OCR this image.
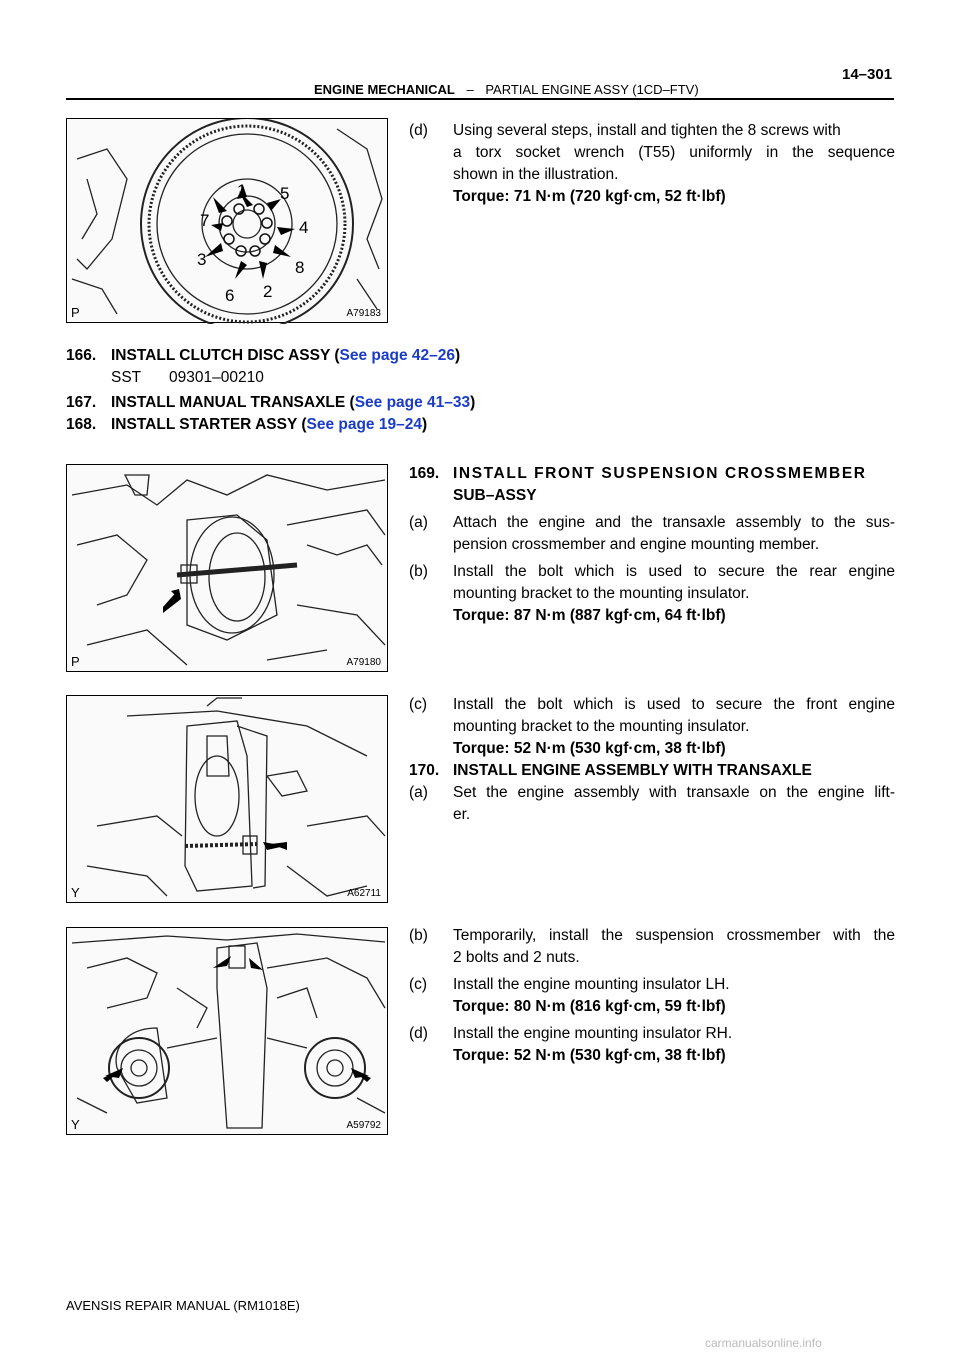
14–301
ENGINE MECHANICAL – PARTIAL ENGINE ASSY (1CD–FTV)
1 5
7	4
3	8
6 2
P	A79183
(d) Using several steps, install and tighten the 8 screws with
a torx socket wrench (T55) uniformly in the sequence
shown in the illustration.
Torque: 71 N·m (720 kgf·cm, 52 ft·lbf)
166. INSTALL CLUTCH DISC ASSY (See page 42–26)
SST 09301–00210
167. INSTALL MANUAL TRANSAXLE (See page 41–33)
168. INSTALL STARTER ASSY (See page 19–24)
P	A79180
169. INSTALL FRONT SUSPENSION CROSSMEMBER
SUB–ASSY
(a) Attach the engine and the transaxle assembly to the sus-
pension crossmember and engine mounting member.
(b) Install the bolt which is used to secure the rear engine
mounting bracket to the mounting insulator.
Torque: 87 N·m (887 kgf·cm, 64 ft·lbf)
Y	A62711
(c) Install the bolt which is used to secure the front engine
mounting bracket to the mounting insulator.
Torque: 52 N·m (530 kgf·cm, 38 ft·lbf)
170. INSTALL ENGINE ASSEMBLY WITH TRANSAXLE
(a) Set the engine assembly with transaxle on the engine lift-
er.
Y	A59792
(b) Temporarily, install the suspension crossmember with the
2 bolts and 2 nuts.
(c) Install the engine mounting insulator LH.
Torque: 80 N·m (816 kgf·cm, 59 ft·lbf)
(d) Install the engine mounting insulator RH.
Torque: 52 N·m (530 kgf·cm, 38 ft·lbf)
AVENSIS REPAIR MANUAL (RM1018E)
carmanualsonline.info
